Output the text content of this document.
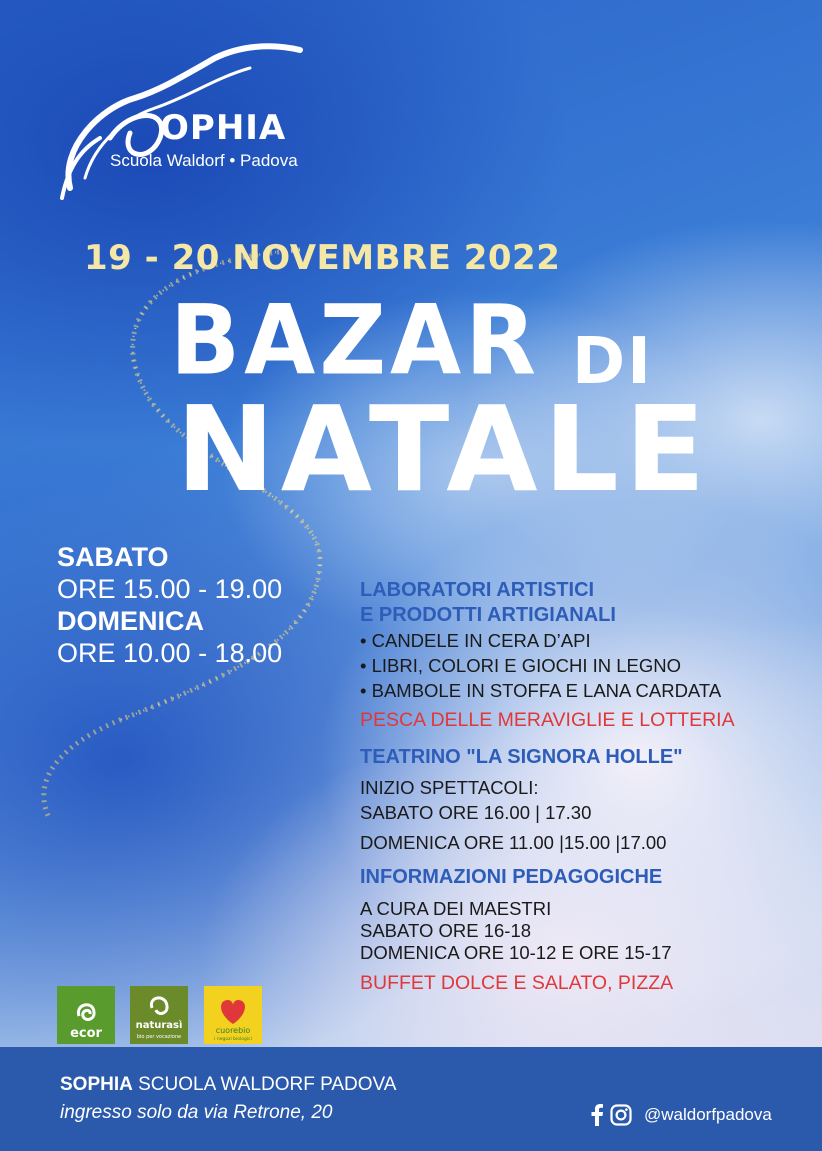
OPHIA
Scuola Waldorf • Padova
19 - 20 NOVEMBRE 2022
BAZAR DI
NATALE
SABATO
ORE 15.00 - 19.00
DOMENICA
ORE 10.00 - 18.00
LABORATORI ARTISTICI
E PRODOTTI ARTIGIANALI
• CANDELE IN CERA D’API
• LIBRI, COLORI E GIOCHI IN LEGNO
• BAMBOLE IN STOFFA E LANA CARDATA
PESCA DELLE MERAVIGLIE E LOTTERIA
TEATRINO "LA SIGNORA HOLLE"
INIZIO SPETTACOLI:
SABATO ORE 16.00 | 17.30
DOMENICA ORE 11.00 |15.00 |17.00
INFORMAZIONI PEDAGOGICHE
A CURA DEI MAESTRI
SABATO ORE 16-18
DOMENICA ORE 10-12 E ORE 15-17
BUFFET DOLCE E SALATO, PIZZA
ecor
naturasì
bio per vocazione
cuorebio
i negozi biologici
SOPHIA SCUOLA WALDORF PADOVA
ingresso solo da via Retrone, 20	@waldorfpadova
